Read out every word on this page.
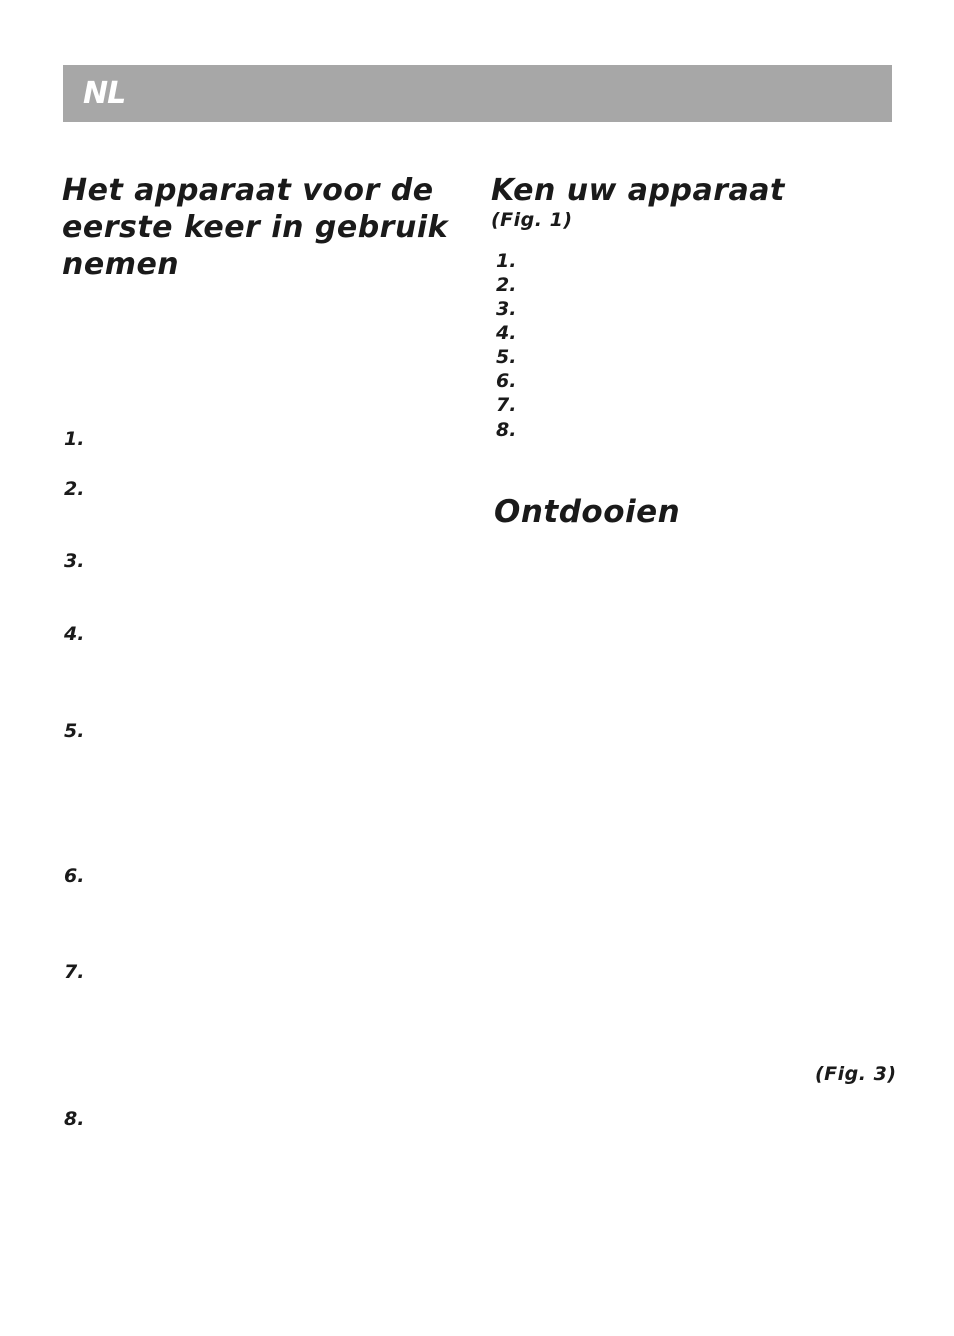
NL
Het apparaat voor de eerste keer in gebruik nemen
1.
2.
3.
4.
5.
6.
7.
8.
Ken uw apparaat
(Fig. 1)
1.
2.
3.
4.
5.
6.
7.
8.
Ontdooien
(Fig. 3)
